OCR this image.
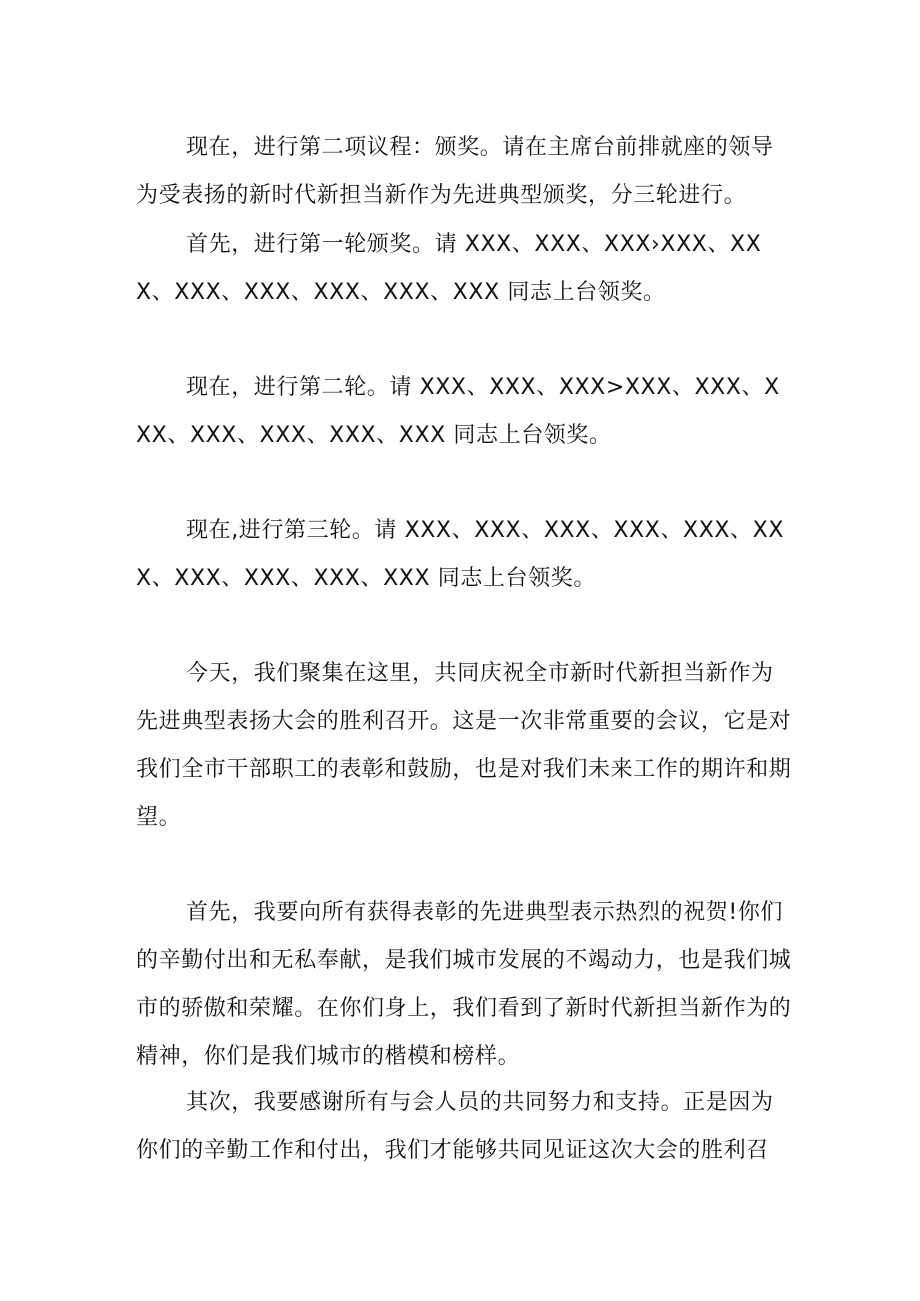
现在，进行第二项议程：颁奖。请在主席台前排就座的领导为受表扬的新时代新担当新作为先进典型颁奖，分三轮进行。

首先，进行第一轮颁奖。请 XXX、XXX、XXX›XXX、XXX、XXX、XXX、XXX、XXX、XXX 同志上台领奖。

现在，进行第二轮。请 XXX、XXX、XXX>XXX、XXX、XXX、XXX、XXX、XXX、XXX 同志上台领奖。

现在,进行第三轮。请 XXX、XXX、XXX、XXX、XXX、XXX、XXX、XXX、XXX、XXX 同志上台领奖。

今天，我们聚集在这里，共同庆祝全市新时代新担当新作为先进典型表扬大会的胜利召开。这是一次非常重要的会议，它是对我们全市干部职工的表彰和鼓励，也是对我们未来工作的期许和期望。

首先，我要向所有获得表彰的先进典型表示热烈的祝贺!你们的辛勤付出和无私奉献，是我们城市发展的不竭动力，也是我们城市的骄傲和荣耀。在你们身上，我们看到了新时代新担当新作为的精神，你们是我们城市的楷模和榜样。

其次，我要感谢所有与会人员的共同努力和支持。正是因为你们的辛勤工作和付出，我们才能够共同见证这次大会的胜利召
